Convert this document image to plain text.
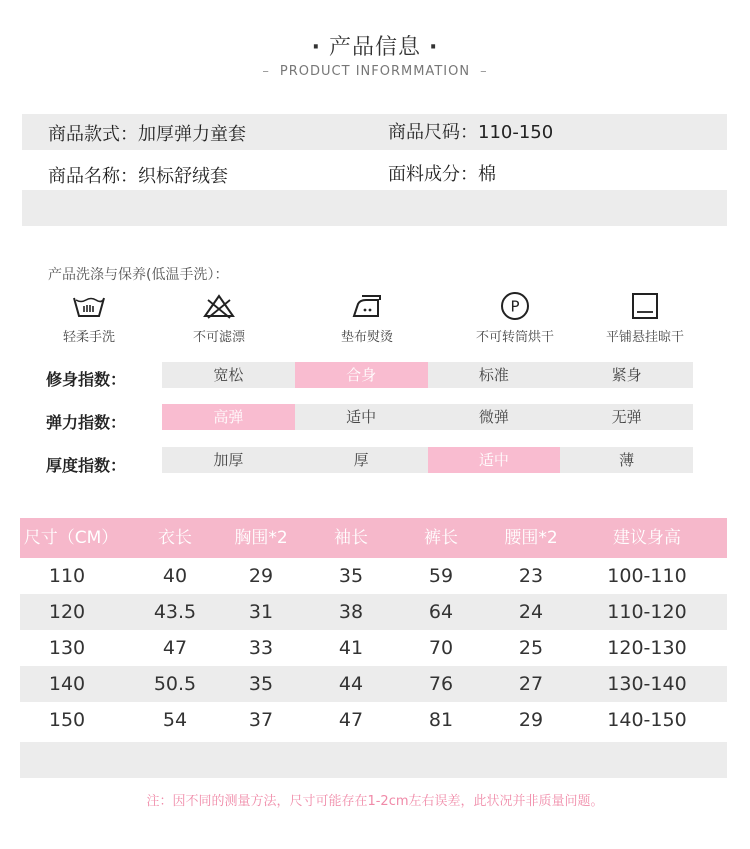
· 产品信息 ·
– PRODUCT INFORMMATION –
商品款式：加厚弹力童套	商品尺码：110-150
商品名称：织标舒绒套	面料成分：棉
产品洗涤与保养(低温手洗）：
轻柔手洗	不可滤漂	垫布熨烫
P
不可转筒烘干	平铺悬挂晾干
修身指数：	宽松	合身	标准	紧身
弹力指数：	高弹	适中	微弹	无弹
厚度指数：	加厚	厚	适中	薄
尺寸（CM）	衣长	胸围*2	袖长	裤长	腰围*2	建议身高
110	40	29	35	59	23	100-110
120	43.5	31	38	64	24	110-120
130	47	33	41	70	25	120-130
140	50.5	35	44	76	27	130-140
150	54	37	47	81	29	140-150
注：因不同的测量方法，尺寸可能存在1-2cm左右误差，此状况并非质量问题。
